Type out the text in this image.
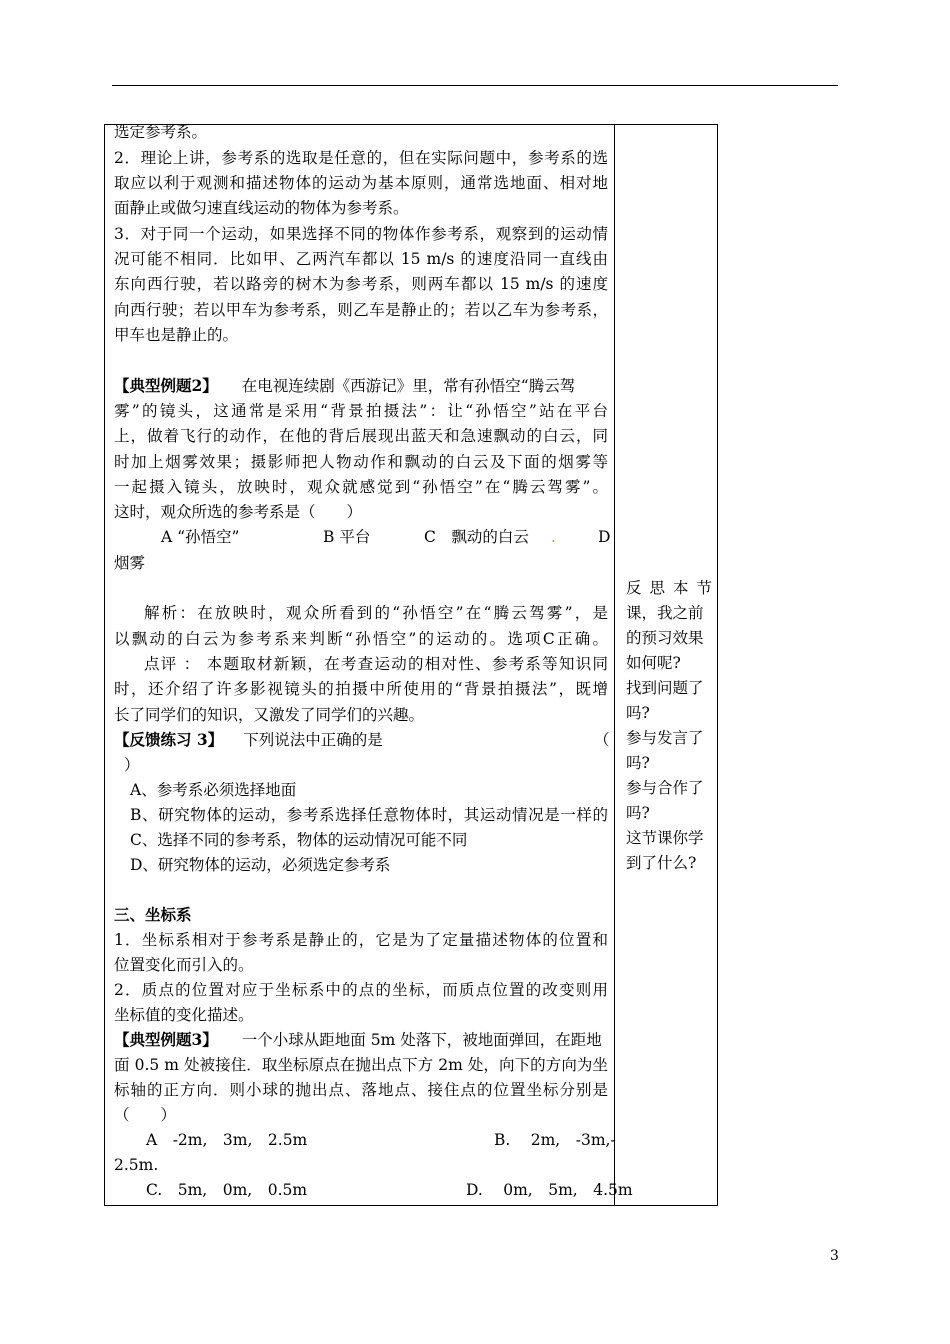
选定参考系。
2．理论上讲，参考系的选取是任意的，但在实际问题中，参考系的选
取应以利于观测和描述物体的运动为基本原则，通常选地面、相对地
面静止或做匀速直线运动的物体为参考系。
3．对于同一个运动，如果选择不同的物体作参考系，观察到的运动情
况可能不相同．比如甲、乙两汽车都以 15 m/s 的速度沿同一直线由
东向西行驶，若以路旁的树木为参考系，则两车都以 15 m/s 的速度
向西行驶；若以甲车为参考系，则乙车是静止的；若以乙车为参考系，
甲车也是静止的。
【典型例题2】 在电视连续剧《西游记》里，常有孙悟空“腾云驾
雾”的镜头，这通常是采用“背景拍摄法”：让“孙悟空”站在平台
上，做着飞行的动作，在他的背后展现出蓝天和急速飘动的白云，同
时加上烟雾效果；摄影师把人物动作和飘动的白云及下面的烟雾等
一起摄入镜头，放映时，观众就感觉到“孙悟空”在“腾云驾雾”。
这时，观众所选的参考系是（　　）
A “孙悟空”	B 平台	C　飘动的白云 .	D
烟雾
解析：在放映时，观众所看到的“孙悟空”在“腾云驾雾”，是
以飘动的白云为参考系来判断“孙悟空”的运动的。选项C正确。
点评 ： 本题取材新颖，在考查运动的相对性、参考系等知识同
时，还介绍了许多影视镜头的拍摄中所使用的“背景拍摄法”，既增
长了同学们的知识，又激发了同学们的兴趣。
【反馈练习 3】 下列说法中正确的是	（
）
A、参考系必须选择地面
B、研究物体的运动，参考系选择任意物体时，其运动情况是一样的
C、选择不同的参考系，物体的运动情况可能不同
D、研究物体的运动，必须选定参考系
三、坐标系
1．坐标系相对于参考系是静止的，它是为了定量描述物体的位置和
位置变化而引入的。
2．质点的位置对应于坐标系中的点的坐标，而质点位置的改变则用
坐标值的变化描述。
【典型例题3】 一个小球从距地面 5m 处落下，被地面弹回，在距地
面 0.5 m 处被接住．取坐标原点在抛出点下方 2m 处，向下的方向为坐
标轴的正方向．则小球的抛出点、落地点、接住点的位置坐标分别是
（　　）
A　-2m,　3m,　2.5m	B.　 2m,　-3m,-
2.5m.
C.　5m,　0m,　0.5m	D.　 0m,　5m,　4.5m
反思本节
课，我之前
的预习效果
如何呢?
找到问题了
吗?
参与发言了
吗?
参与合作了
吗?
这节课你学
到了什么?
3
